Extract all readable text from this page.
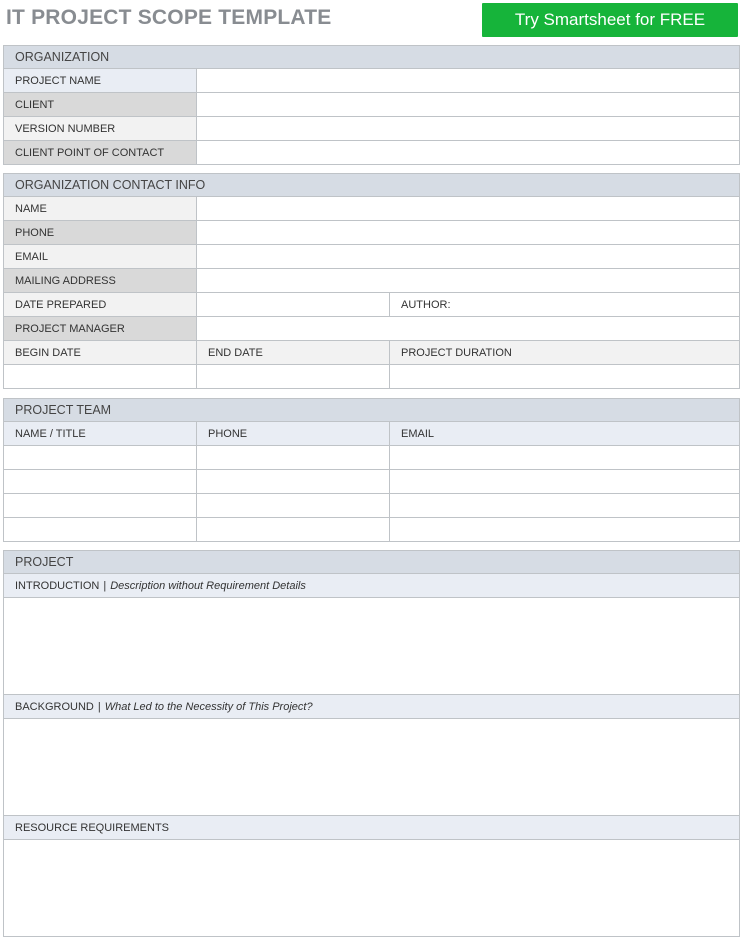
IT PROJECT SCOPE TEMPLATE	Try Smartsheet for FREE
ORGANIZATION
PROJECT NAME
CLIENT
VERSION NUMBER
CLIENT POINT OF CONTACT
ORGANIZATION CONTACT INFO
NAME
PHONE
EMAIL
MAILING ADDRESS
DATE PREPARED	AUTHOR:
PROJECT MANAGER
BEGIN DATE	END DATE	PROJECT DURATION
PROJECT TEAM
NAME / TITLE	PHONE	EMAIL
PROJECT
INTRODUCTION | Description without Requirement Details
BACKGROUND | What Led to the Necessity of This Project?
RESOURCE REQUIREMENTS
